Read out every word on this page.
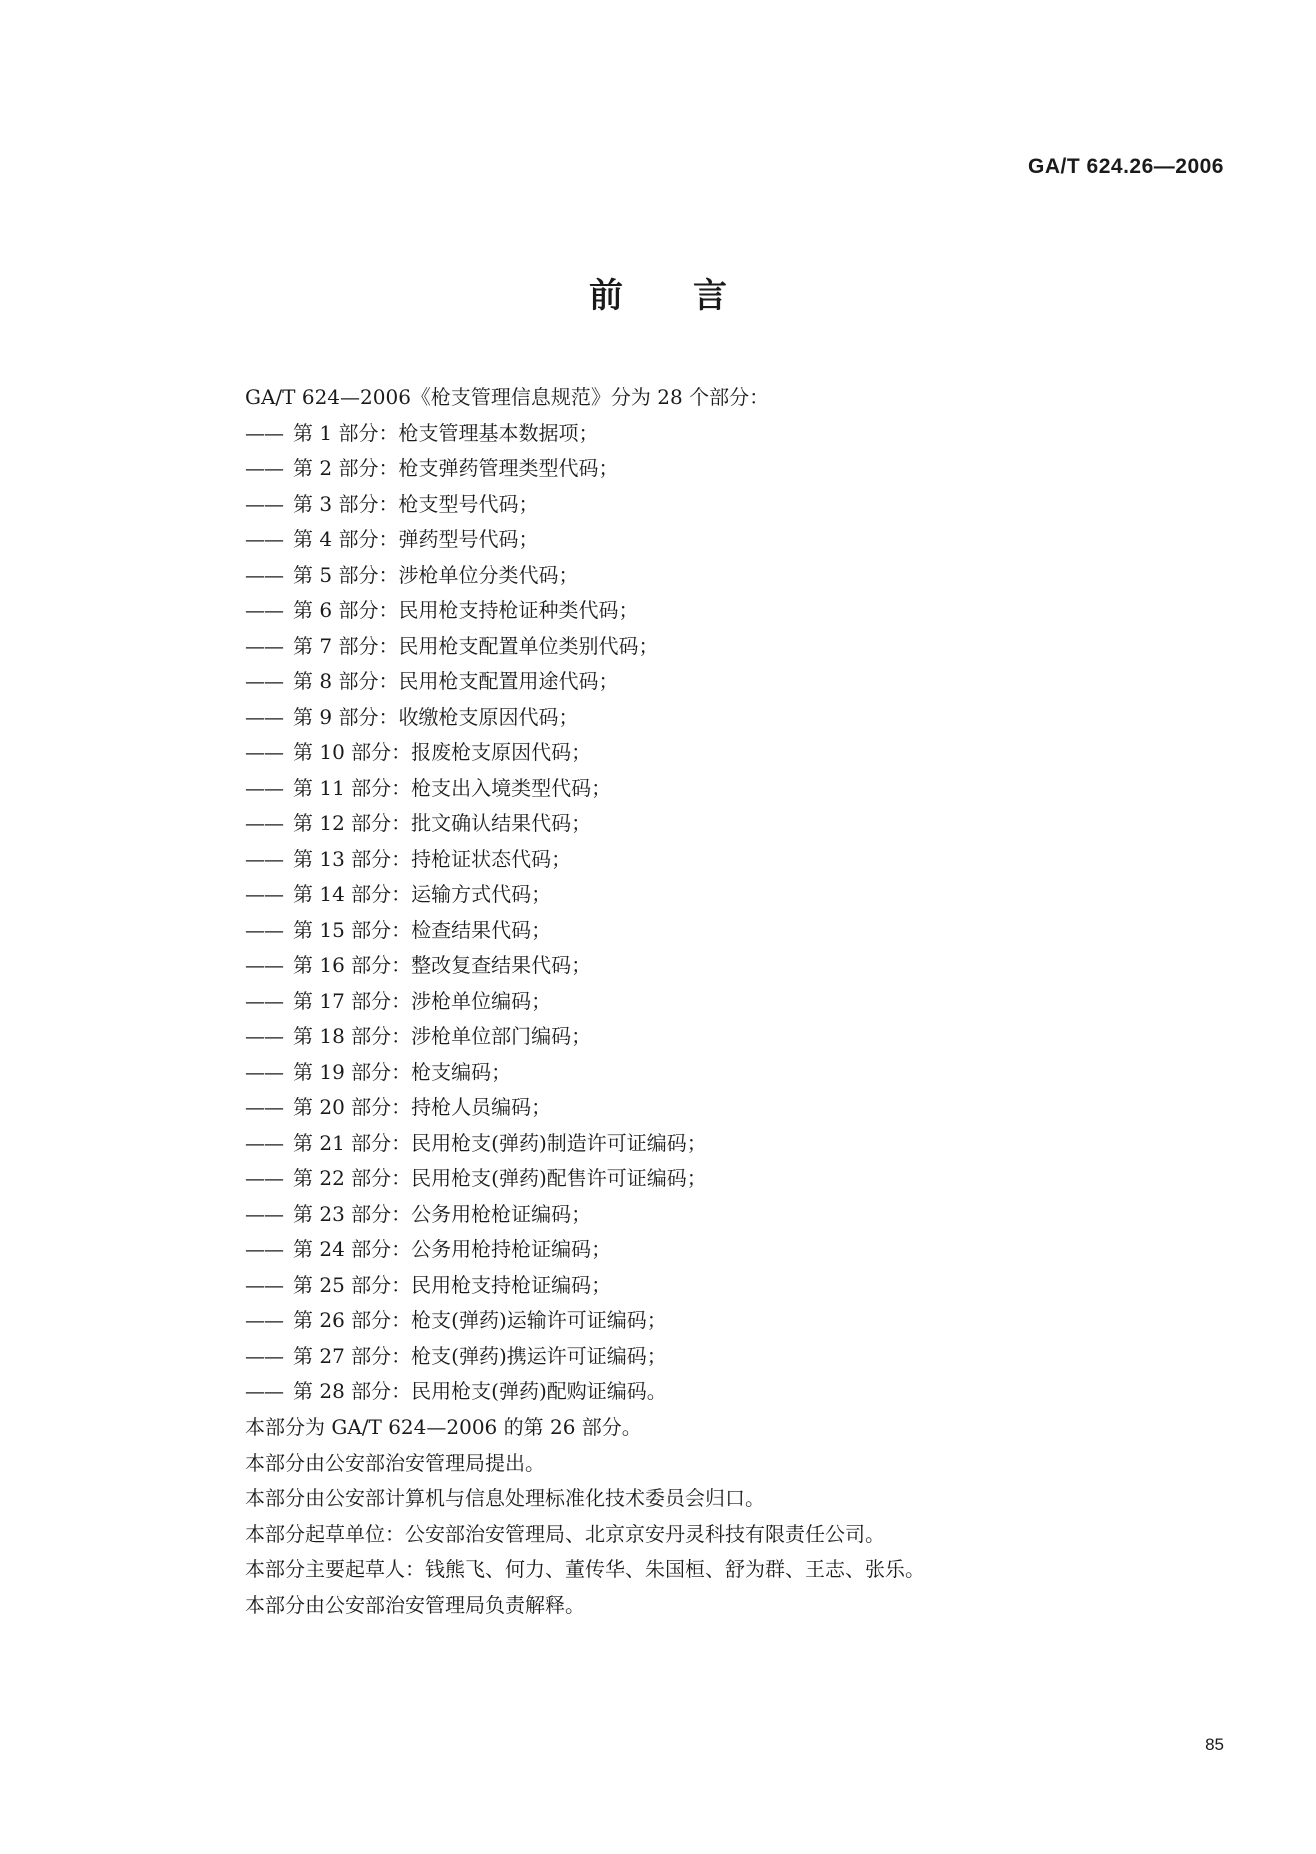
GA/T 624.26—2006
前言
GA/T 624—2006《枪支管理信息规范》分为 28 个部分：
—— 第 1 部分：枪支管理基本数据项；
—— 第 2 部分：枪支弹药管理类型代码；
—— 第 3 部分：枪支型号代码；
—— 第 4 部分：弹药型号代码；
—— 第 5 部分：涉枪单位分类代码；
—— 第 6 部分：民用枪支持枪证种类代码；
—— 第 7 部分：民用枪支配置单位类别代码；
—— 第 8 部分：民用枪支配置用途代码；
—— 第 9 部分：收缴枪支原因代码；
—— 第 10 部分：报废枪支原因代码；
—— 第 11 部分：枪支出入境类型代码；
—— 第 12 部分：批文确认结果代码；
—— 第 13 部分：持枪证状态代码；
—— 第 14 部分：运输方式代码；
—— 第 15 部分：检查结果代码；
—— 第 16 部分：整改复查结果代码；
—— 第 17 部分：涉枪单位编码；
—— 第 18 部分：涉枪单位部门编码；
—— 第 19 部分：枪支编码；
—— 第 20 部分：持枪人员编码；
—— 第 21 部分：民用枪支(弹药)制造许可证编码；
—— 第 22 部分：民用枪支(弹药)配售许可证编码；
—— 第 23 部分：公务用枪枪证编码；
—— 第 24 部分：公务用枪持枪证编码；
—— 第 25 部分：民用枪支持枪证编码；
—— 第 26 部分：枪支(弹药)运输许可证编码；
—— 第 27 部分：枪支(弹药)携运许可证编码；
—— 第 28 部分：民用枪支(弹药)配购证编码。
本部分为 GA/T 624—2006 的第 26 部分。
本部分由公安部治安管理局提出。
本部分由公安部计算机与信息处理标准化技术委员会归口。
本部分起草单位：公安部治安管理局、北京京安丹灵科技有限责任公司。
本部分主要起草人：钱熊飞、何力、董传华、朱国桓、舒为群、王志、张乐。
本部分由公安部治安管理局负责解释。
85
